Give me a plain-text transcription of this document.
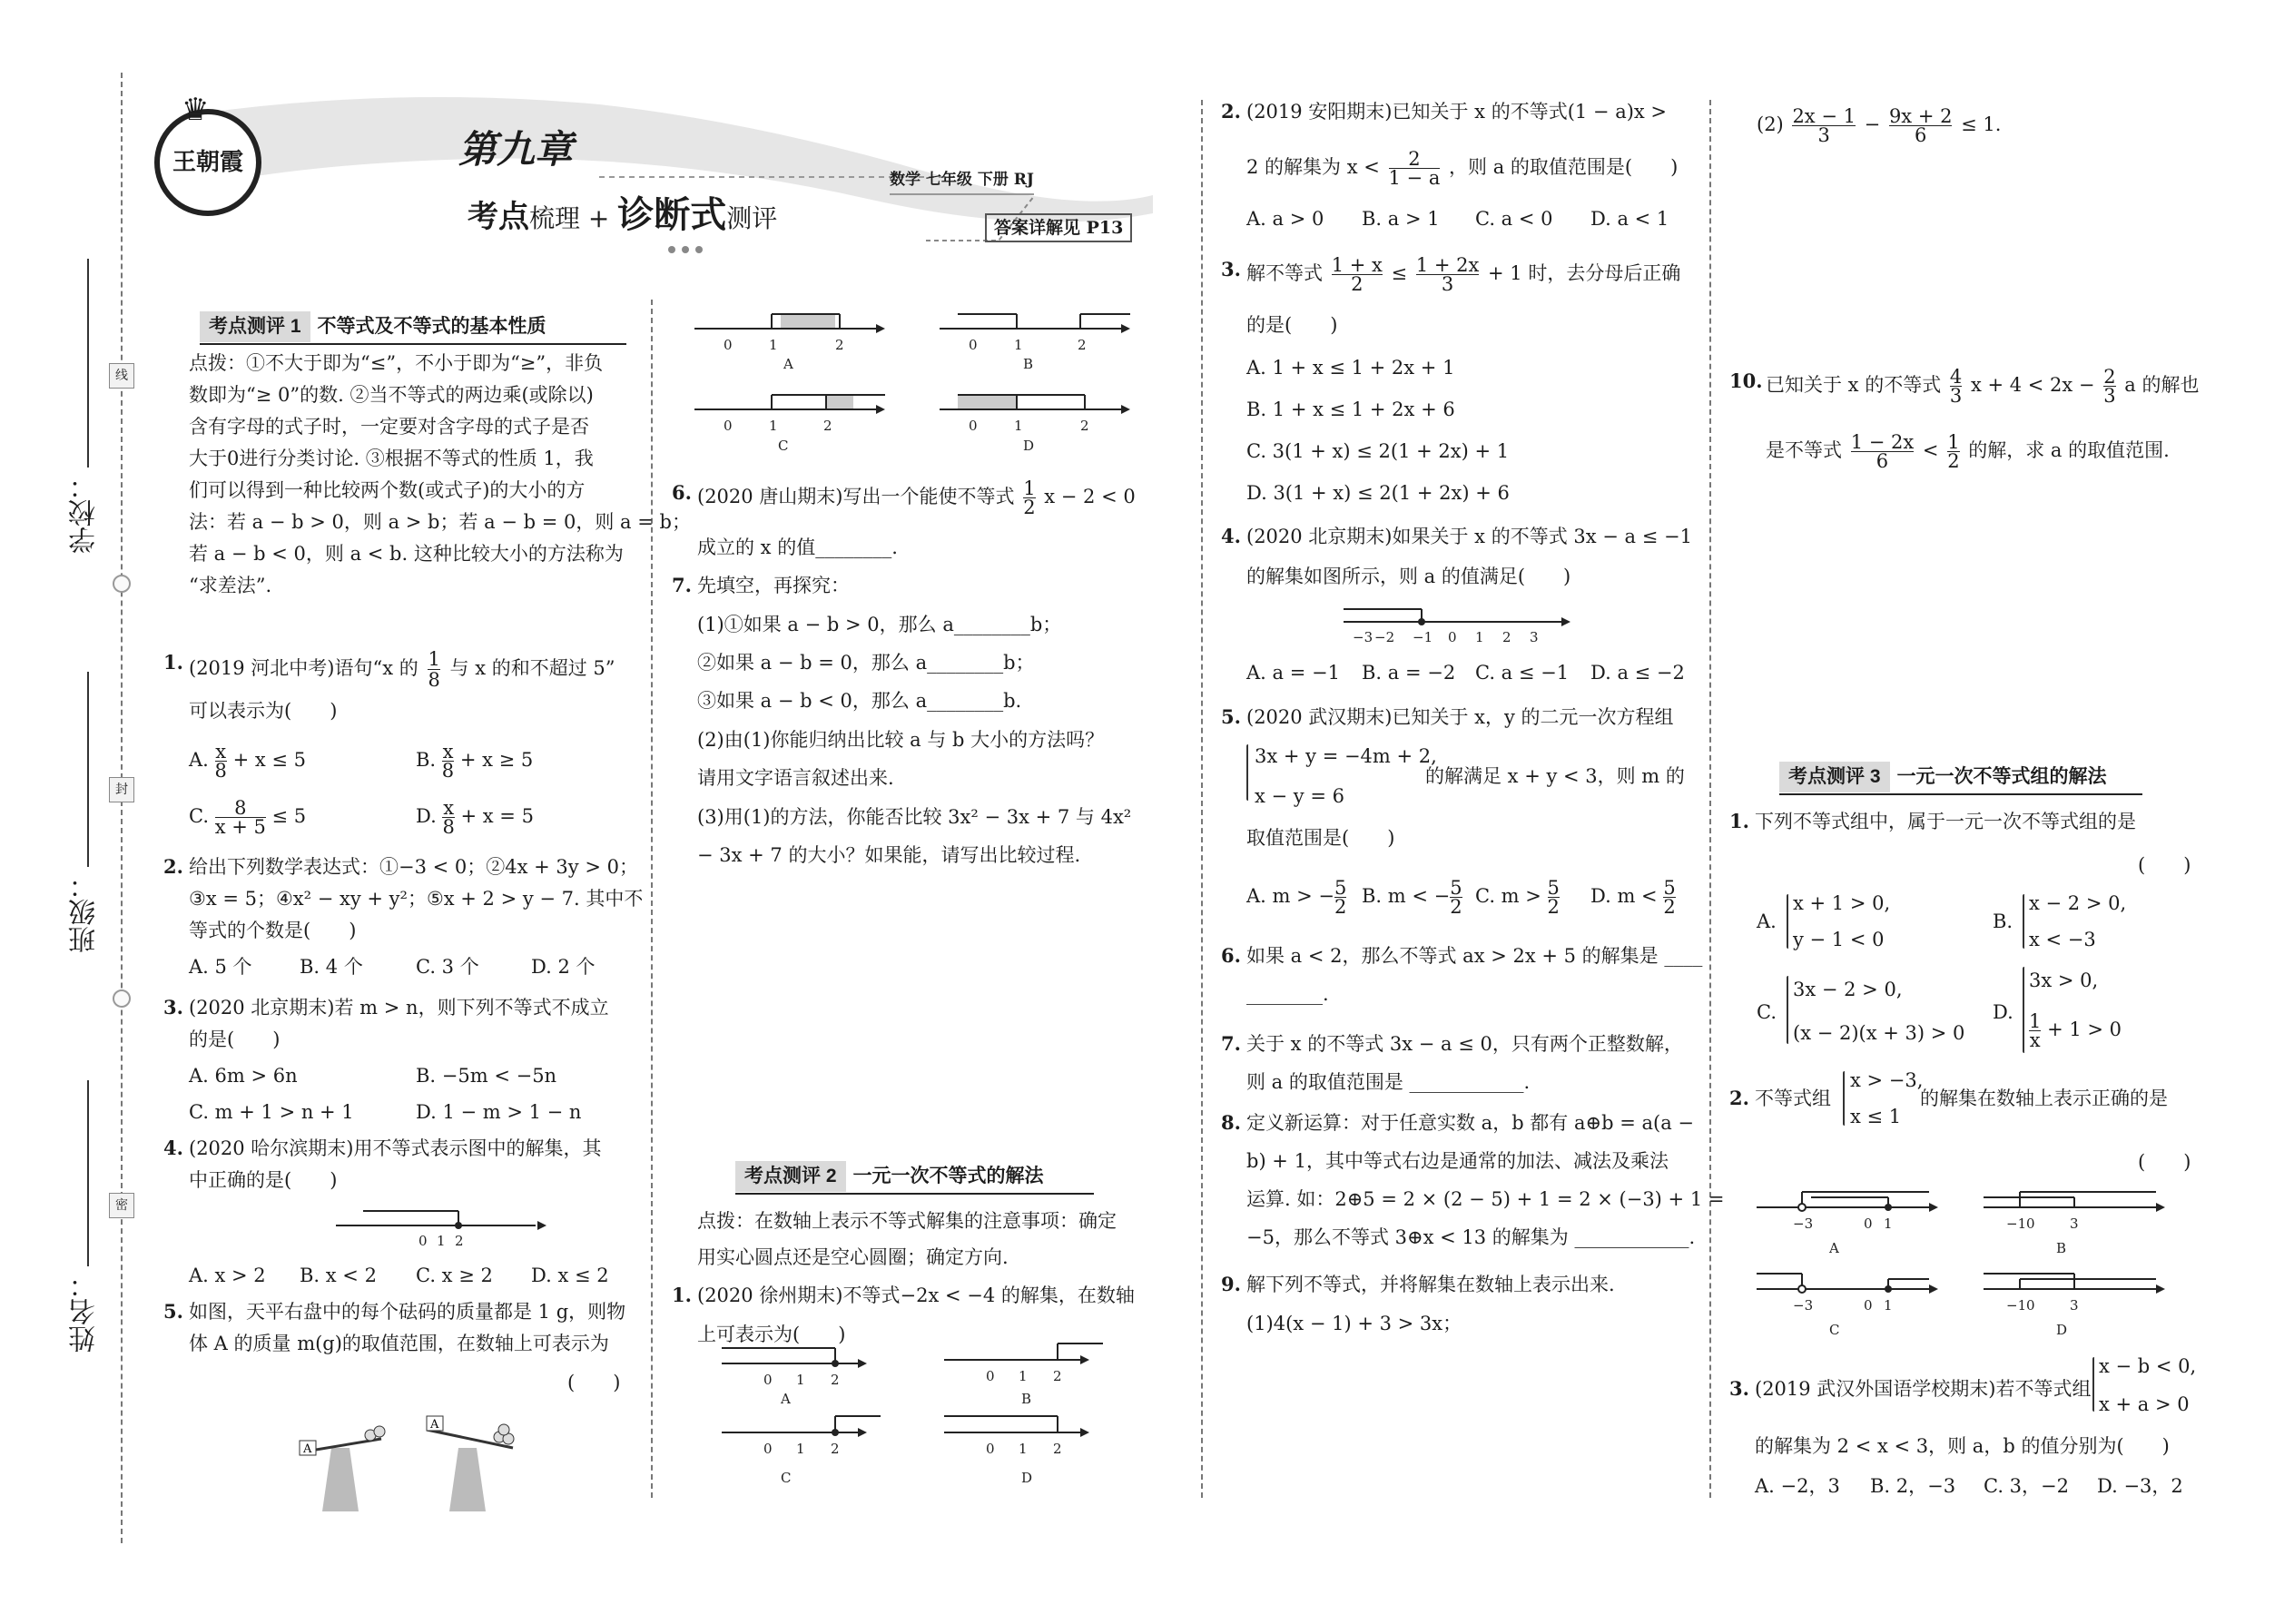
线
封
密
学校：
班级：
姓名：
♛
王朝霞	第九章
考点梳理 + 诊断式测评
数学 七年级 下册 RJ
答案详解见 P13
考点测评 1 不等式及不等式的基本性质
点拨：①不大于即为“≤”，不小于即为“≥”，非负
数即为“≥ 0”的数. ②当不等式的两边乘(或除以)
含有字母的式子时，一定要对含字母的式子是否
大于0进行分类讨论. ③根据不等式的性质 1，我
们可以得到一种比较两个数(或式子)的大小的方
法：若 a − b > 0，则 a > b；若 a − b = 0，则 a = b；
若 a − b < 0，则 a < b. 这种比较大小的方法称为
“求差法”.
1. (2019 河北中考)语句“x 的 $\frac{1}{8}$ 与 x 的和不超过 5”
可以表示为(　　)
A. $\frac{x}{8} + x \le 5$	B. $\frac{x}{8} + x \ge 5$
C. $\frac{8}{x + 5} \le 5$	D. $\frac{x}{8} + x = 5$
2. 给出下列数学表达式：①−3 < 0；②4x + 3y > 0；
③x = 5；④x² − xy + y²；⑤x + 2 > y − 7. 其中不
等式的个数是(　　)
A. 5 个 B. 4 个	C. 3 个	D. 2 个
3. (2020 北京期末)若 m > n，则下列不等式不成立
的是(　　)
A. 6m > 6n	B. −5m < −5n
C. m + 1 > n + 1	D. 1 − m > 1 − n
4. (2020 哈尔滨期末)用不等式表示图中的解集，其
中正确的是(　　)
0 1 2
A. x > 2 B. x < 2 C. x ≥ 2 D. x ≤ 2
5. 如图，天平右盘中的每个砝码的质量都是 1 g，则物
体 A 的质量 m(g)的取值范围，在数轴上可表示为
(　　)
A
A
0	1	2
A
0	1	2
B
0	1	2
C
0	1	2
D
6. (2020 唐山期末)写出一个能使不等式 $\frac{1}{2}$ x − 2 < 0
成立的 x 的值________.
7. 先填空，再探究：
(1)①如果 a − b > 0，那么 a________b；
②如果 a − b = 0，那么 a________b；
③如果 a − b < 0，那么 a________b.
(2)由(1)你能归纳出比较 a 与 b 大小的方法吗？
请用文字语言叙述出来.
(3)用(1)的方法，你能否比较 3x² − 3x + 7 与 4x²
− 3x + 7 的大小？如果能，请写出比较过程.
考点测评 2 一元一次不等式的解法
点拨：在数轴上表示不等式解集的注意事项：确定
用实心圆点还是空心圆圈；确定方向.
1. (2020 徐州期末)不等式−2x < −4 的解集，在数轴
上可表示为(　　)
0 1 2
A
0 1 2
B
0 1 2
C
0 1 2
D
2. (2019 安阳期末)已知关于 x 的不等式(1 − a)x >
2 的解集为 $x < \frac{2}{1 - a}$ ，则 a 的取值范围是(　　)
A. a > 0 B. a > 1 C. a < 0 D. a < 1
3. 解不等式 $\frac{1 + x}{2} \le \frac{1 + 2x}{3} + 1$ 时，去分母后正确
的是(　　)
A. 1 + x ≤ 1 + 2x + 1
B. 1 + x ≤ 1 + 2x + 6
C. 3(1 + x) ≤ 2(1 + 2x) + 1
D. 3(1 + x) ≤ 2(1 + 2x) + 6
4. (2020 北京期末)如果关于 x 的不等式 3x − a ≤ −1
的解集如图所示，则 a 的值满足(　　)
−3 −2 −1 0 1 2 3
A. a = −1 B. a = −2 C. a ≤ −1 D. a ≤ −2
5. (2020 武汉期末)已知关于 x，y 的二元一次方程组
3x + y = −4m + 2,
x − y = 6
的解满足 x + y < 3，则 m 的
取值范围是(　　)
A. m > − $\frac{5}{2} B$. m < − $\frac{5}{2} C$. $m > \frac{5}{2} D$. $m < \frac{5}{2}$
6. 如果 a < 2，那么不等式 ax > 2x + 5 的解集是 ____
________.
7. 关于 x 的不等式 3x − a ≤ 0，只有两个正整数解，
则 a 的取值范围是 ____________.
8. 定义新运算：对于任意实数 a，b 都有 a⊕b = a(a −
b) + 1，其中等式右边是通常的加法、减法及乘法
运算. 如：2⊕5 = 2 × (2 − 5) + 1 = 2 × (−3) + 1 =
−5，那么不等式 3⊕x < 13 的解集为 ____________.
9. 解下列不等式，并将解集在数轴上表示出来.
(1)4(x − 1) + 3 > 3x；
$(2) \frac{2x - 1}{3} - \frac{9x + 2}{6} \le 1$.
10. 已知关于 x 的不等式 $\frac{4}{3}$ $x + 4 < 2x - \frac{2}{3}$ a 的解也
是不等式 $\frac{1 - 2x}{6} < \frac{1}{2}$ 的解，求 a 的取值范围.
考点测评 3 一元一次不等式组的解法
1. 下列不等式组中，属于一元一次不等式组的是
(　　)
A.
x + 1 > 0,
y − 1 < 0
B.
x − 2 > 0,
x < −3
C.
3x − 2 > 0,
(x − 2)(x + 3) > 0
D.
3x > 0,
$\frac{1}{x} + 1 > 0$
2. 不等式组
x > −3,
x ≤ 1
的解集在数轴上表示正确的是
(　　)
−3	0 1
A
−1 0	3
B
−3	0 1
C
−1 0	3
D
3. (2019 武汉外国语学校期末)若不等式组
x − b < 0,
x + a > 0
的解集为 2 < x < 3，则 a，b 的值分别为(　　)
A. −2，3 B. 2，−3 C. 3，−2 D. −3，2
